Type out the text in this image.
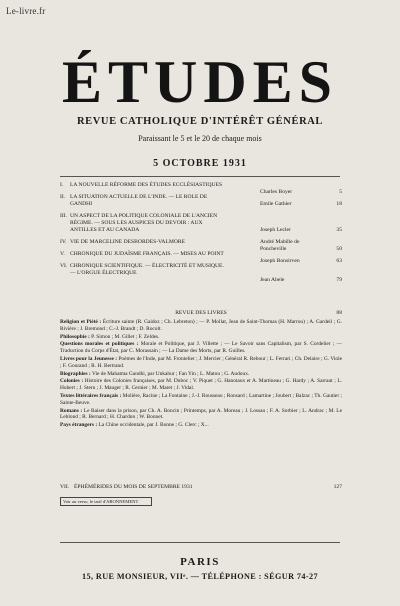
Le-livre.fr
ÉTUDES
REVUE CATHOLIQUE D'INTÉRÊT GÉNÉRAL
Paraissant le 5 et le 20 de chaque mois
5 OCTOBRE 1931
I.	LA NOUVELLE RÉFORME DES ÉTUDES ECCLÉSIASTIQUES
Charles Boyer	5
II. LA SITUATION ACTUELLE DE L'INDE. — LE ROLE DE GANDHI	Emile Gathier	18
III. UN ASPECT DE LA POLITIQUE COLONIALE DE L'ANCIEN RÉGIME. — SOUS LES AUSPICES DU DEVOIR : AUX ANTILLES ET AU CANADA	Joseph Lecler	35
IV. VIE DE MARCELINE DESBORDES-VALMORE	André Mabille de Poncheville	50
V. CHRONIQUE DU JUDAÏSME FRANÇAIS. — MISES AU POINT
Joseph Bonsirven	63
VI. CHRONIQUE SCIENTIFIQUE. — ÉLECTRICITÉ ET MUSIQUE. — L'ORGUE ÉLECTRIQUE
Jean Abele	79
REVUE DES LIVRES	88

Religion et Piété : Écriture sainte (R. Gaidoz ; Ch. Lebreton) ; — P. Mollat, Jean de Saint-Thomas (H. Marrou) ; A. Gardeil ; G. Rivière ; J. Bremond ; C.-J. Brandt ; D. Rocolt.

Philosophie : P. Simon ; M. Gillet ; F. Zeldes.

Questions morales et politiques : Morale et Politique, par J. Villette ; — Le Savoir sans Capitalism, par S. Cordelier ; — Traduction du Corps d'État, par C. Morassain ; — La Dame des Morts, par R. Guilles.

Livres pour la Jeunesse : Poèmes de l'Inde, par M. Frontelier ; J. Mercier ; Général R. Rebour ; L. Ferrari ; Ch. Delaire ; G. Viole ; F. Gourand ; R. H. Bertrand.

Biographies : Vie de Mahatma Gandhi, par Unkahur ; Fan Yin ; L. Matou ; G. Audoux.

Colonies : Histoire des Colonies françaises, par M. Duboc ; V. Piquet ; G. Hanotaux et A. Martineau ; G. Hardy ; A. Sarraut ; L. Hubert ; J. Stern ; J. Mauger ; R. Cernier ; M. Maret ; J. Vidal.

Textes littéraires français : Molière, Racine ; La Fontaine ; J.-J. Rousseau ; Ronsard ; Lamartine ; Joubert ; Balzac ; Th. Gautier ; Sainte-Beuve.

Romans : Le Baiser dans la prison, par Ch. A. Boncin ; Printemps, par A. Moreau ; J. Lossau ; F. A. Sorbier ; L. Andrac ; M. Le Leblond ; R. Bernard ; H. Chardon ; W. Bonnet.

Pays étrangers : La Chine occidentale, par J. Bonne ; G. Clerc ; X...

VII. ÉPHÉMÉRIDES DU MOIS DE SEPTEMBRE 1931	127
Voir au verso, le tarif d'ABONNEMENT
PARIS
15, RUE MONSIEUR, VIIᵉ. — TÉLÉPHONE : SÉGUR 74-27
